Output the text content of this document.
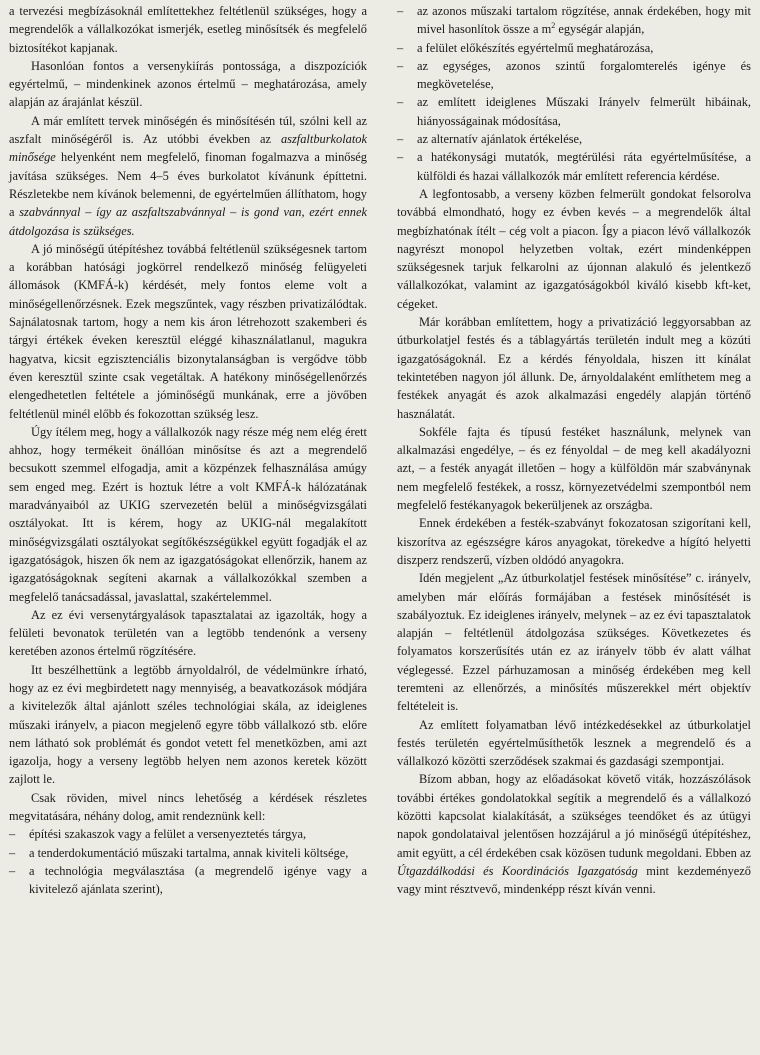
a tervezési megbízásoknál említettekhez feltétlenül szükséges, hogy a megrendelők a vállalkozókat ismerjék, esetleg minősítsék és megfelelő biztosítékot kapjanak.

Hasonlóan fontos a versenykiírás pontossága, a diszpozíciók egyértelmű, – mindenkinek azonos értelmű – meghatározása, amely alapján az árajánlat készül.

A már említett tervek minőségén és minősítésén túl, szólni kell az aszfalt minőségéről is. Az utóbbi években az aszfaltburkolatok minősége helyenként nem megfelelő, finoman fogalmazva a minőség javítása szükséges. Nem 4–5 éves burkolatot kívánunk építtetni. Részletekbe nem kívánok belemenni, de egyértelműen állíthatom, hogy a szabvánnyal – így az aszfaltszabvánnyal – is gond van, ezért ennek átdolgozása is szükséges.

A jó minőségű útépítéshez továbbá feltétlenül szükségesnek tartom a korábban hatósági jogkörrel rendelkező minőség felügyeleti állomások (KMFÁ-k) kérdését, mely fontos eleme volt a minőségellenőrzésnek. Ezek megszűntek, vagy részben privatizálódtak. Sajnálatosnak tartom, hogy a nem kis áron létrehozott szakemberi és tárgyi értékek éveken keresztül eléggé kihasználatlanul, magukra hagyatva, kicsit egzisztenciális bizonytalanságban is vergődve több éven keresztül szinte csak vegetáltak. A hatékony minőségellenőrzés elengedhetetlen feltétele a jóminőségű munkának, erre a jövőben feltétlenül minél előbb és fokozottan szükség lesz.

Úgy ítélem meg, hogy a vállalkozók nagy része még nem elég érett ahhoz, hogy termékeit önállóan minősítse és azt a megrendelő becsukott szemmel elfogadja, amit a közpénzek felhasználása amúgy sem enged meg. Ezért is hoztuk létre a volt KMFÁ-k hálózatának maradványaiból az UKIG szervezetén belül a minőségvizsgálati osztályokat. Itt is kérem, hogy az UKIG-nál megalakított minőségvizsgálati osztályokat segítőkészségükkel együtt fogadják el az igazgatóságok, hiszen ők nem az igazgatóságokat ellenőrzik, hanem az igazgatóságoknak segíteni akarnak a vállalkozókkal szemben a megfelelő tanácsadással, javaslattal, szakértelemmel.

Az ez évi versenytárgyalások tapasztalatai az igazolták, hogy a felületi bevonatok területén van a legtöbb tendenónk a verseny keretében azonos értelmű rögzítésére.

Itt beszélhettünk a legtöbb árnyoldalról, de védelmünkre írható, hogy az ez évi megbirdetett nagy mennyiség, a beavatkozások módjára a kivitelezők által ajánlott széles technológiai skála, az ideiglenes műszaki irányelv, a piacon megjelenő egyre több vállalkozó stb. előre nem látható sok problémát és gondot vetett fel menetközben, ami azt igazolja, hogy a verseny legtöbb helyen nem azonos keretek között zajlott le.

Csak röviden, mivel nincs lehetőség a kérdések részletes megvitatására, néhány dolog, amit rendeznünk kell:

– építési szakaszok vagy a felület a versenyeztetés tárgya,
– a tenderdokumentáció műszaki tartalma, annak kiviteli költsége,
– a technológia megválasztása (a megrendelő igénye vagy a kivitelező ajánlata szerint),
– az azonos műszaki tartalom rögzítése, annak érdekében, hogy mit mivel hasonlítok össze a $m^2$ egységár alapján,
– a felület előkészítés egyértelmű meghatározása,
– az egységes, azonos szintű forgalomterelés igénye és megkövetelése,
– az említett ideiglenes Műszaki Irányelv felmerült hibáinak, hiányosságainak módosítása,
– az alternatív ajánlatok értékelése,
– a hatékonysági mutatók, megtérülési ráta egyértelműsítése, a külföldi és hazai vállalkozók már említett referencia kérdése.

A legfontosabb, a verseny közben felmerült gondokat felsorolva továbbá elmondható, hogy ez évben kevés – a megrendelők által megbízhatónak ítélt – cég volt a piacon. Így a piacon lévő vállalkozók nagyrészt monopol helyzetben voltak, ezért mindenképpen szükségesnek tarjuk felkarolni az újonnan alakuló és jelentkező vállalkozókat, valamint az igazgatóságokból kiváló kisebb kft-ket, cégeket.

Már korábban említettem, hogy a privatizáció leggyorsabban az útburkolatjel festés és a táblagyártás területén indult meg a közúti igazgatóságoknál. Ez a kérdés fényoldala, hiszen itt kínálat tekintetében nagyon jól állunk. De, árnyoldalaként említhetem meg a festékek anyagát és azok alkalmazási engedély alapján történő használatát.

Sokféle fajta és típusú festéket használunk, melynek van alkalmazási engedélye, – és ez fényoldal – de meg kell akadályozni azt, – a festék anyagát illetően – hogy a külföldön már szabványnak nem megfelelő festékek, a rossz, környezetvédelmi szempontból nem megfelelő festékanyagok bekerüljenek az országba.

Ennek érdekében a festék-szabványt fokozatosan szigorítani kell, kiszorítva az egészségre káros anyagokat, törekedve a hígító helyetti diszperz rendszerű, vízben oldódó anyagokra.

Idén megjelent „Az útburkolatjel festések minősítése” c. irányelv, amelyben már előírás formájában a festések minősítését is szabályoztuk. Ez ideiglenes irányelv, melynek – az ez évi tapasztalatok alapján – feltétlenül átdolgozása szükséges. Következetes és folyamatos korszerűsítés után ez az irányelv több év alatt válhat véglegessé. Ezzel párhuzamosan a minőség érdekében meg kell teremteni az ellenőrzés, a minősítés műszerekkel mért objektív feltételeit is.

Az említett folyamatban lévő intézkedésekkel az útburkolatjel festés területén egyértelműsíthetők lesznek a megrendelő és a vállalkozó közötti szerződések szakmai és gazdasági szempontjai.

Bízom abban, hogy az előadásokat követő viták, hozzászólások további értékes gondolatokkal segítik a megrendelő és a vállalkozó közötti kapcsolat kialakítását, a szükséges teendőket és az útügyi napok gondolataival jelentősen hozzájárul a jó minőségű útépítéshez, amit együtt, a cél érdekében csak közösen tudunk megoldani. Ebben az Útgazdálkodási és Koordinációs Igazgatóság mint kezdeményező vagy mint résztvevő, mindenképp részt kíván venni.
